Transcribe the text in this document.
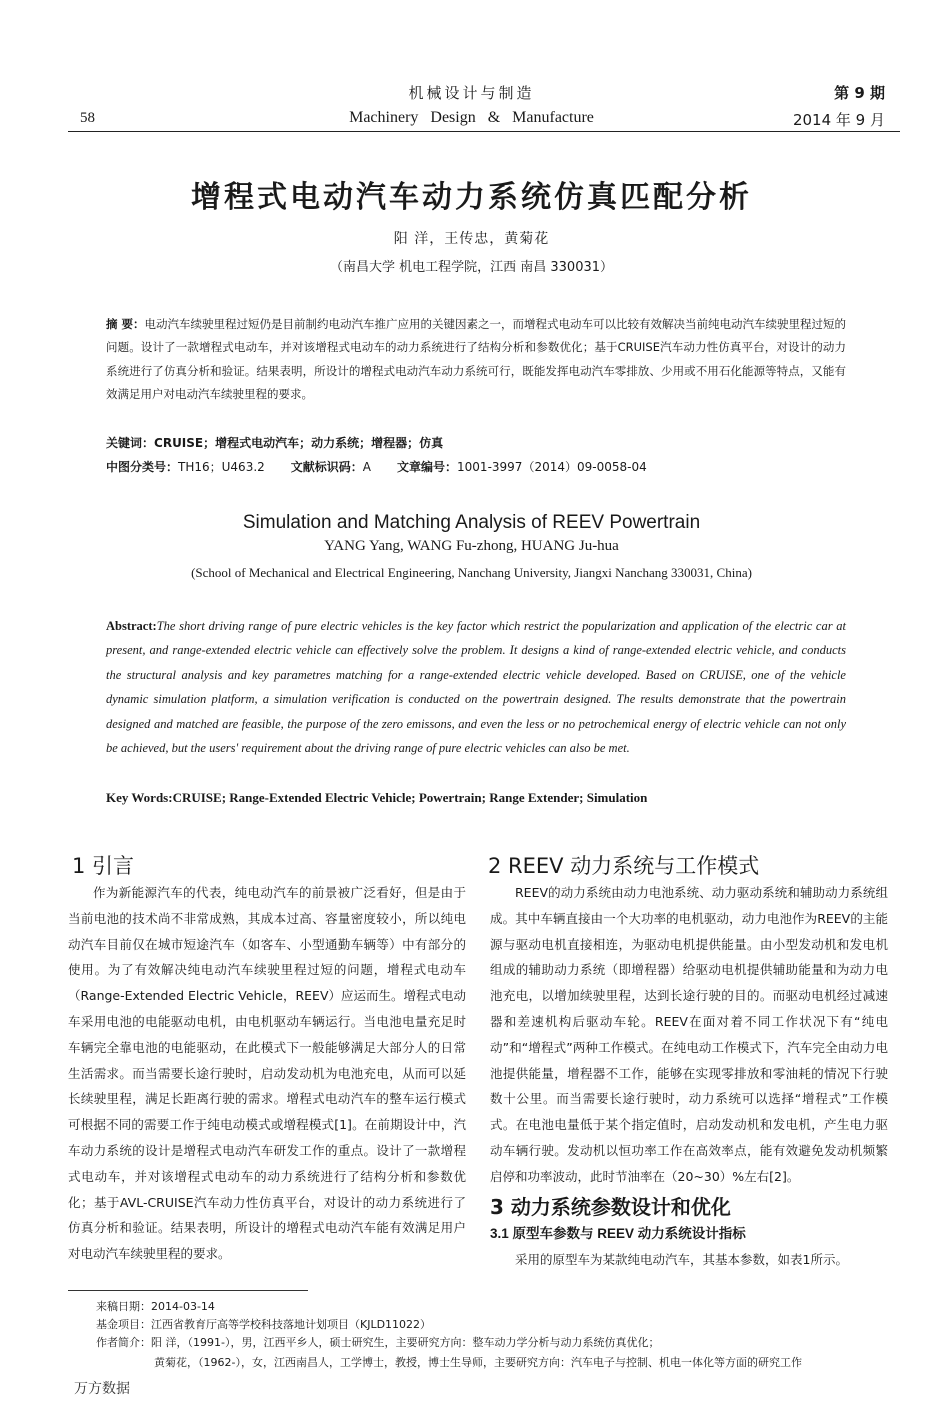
机械设计与制造	第 9 期
58	Machinery Design & Manufacture	2014 年 9 月
增程式电动汽车动力系统仿真匹配分析
阳 洋，王传忠，黄菊花
（南昌大学 机电工程学院，江西 南昌 330031）
摘 要：电动汽车续驶里程过短仍是目前制约电动汽车推广应用的关键因素之一，而增程式电动车可以比较有效解决当前纯电动汽车续驶里程过短的问题。设计了一款增程式电动车，并对该增程式电动车的动力系统进行了结构分析和参数优化；基于CRUISE汽车动力性仿真平台，对设计的动力系统进行了仿真分析和验证。结果表明，所设计的增程式电动汽车动力系统可行，既能发挥电动汽车零排放、少用或不用石化能源等特点，又能有效满足用户对电动汽车续驶里程的要求。
关键词：CRUISE；增程式电动汽车；动力系统；增程器；仿真
中图分类号：TH16；U463.2 文献标识码：A 文章编号：1001-3997（2014）09-0058-04
Simulation and Matching Analysis of REEV Powertrain
YANG Yang, WANG Fu-zhong, HUANG Ju-hua
(School of Mechanical and Electrical Engineering, Nanchang University, Jiangxi Nanchang 330031, China)
Abstract:The short driving range of pure electric vehicles is the key factor which restrict the popularization and application of the electric car at present, and range-extended electric vehicle can effectively solve the problem. It designs a kind of range-extended electric vehicle, and conducts the structural analysis and key parametres matching for a range-extended electric vehicle developed. Based on CRUISE, one of the vehicle dynamic simulation platform, a simulation verification is conducted on the powertrain designed. The results demonstrate that the powertrain designed and matched are feasible, the purpose of the zero emissons, and even the less or no petrochemical energy of electric vehicle can not only be achieved, but the users' requirement about the driving range of pure electric vehicles can also be met.
Key Words:CRUISE; Range-Extended Electric Vehicle; Powertrain; Range Extender; Simulation
1 引言	2 REEV 动力系统与工作模式

作为新能源汽车的代表，纯电动汽车的前景被广泛看好，但是由于当前电池的技术尚不非常成熟，其成本过高、容量密度较小，所以纯电动汽车目前仅在城市短途汽车（如客车、小型通勤车辆等）中有部分的使用。为了有效解决纯电动汽车续驶里程过短的问题，增程式电动车（Range-Extended Electric Vehicle，REEV）应运而生。增程式电动车采用电池的电能驱动电机，由电机驱动车辆运行。当电池电量充足时车辆完全靠电池的电能驱动，在此模式下一般能够满足大部分人的日常生活需求。而当需要长途行驶时，启动发动机为电池充电，从而可以延长续驶里程，满足长距离行驶的需求。增程式电动汽车的整车运行模式可根据不同的需要工作于纯电动模式或增程模式[1]。在前期设计中，汽车动力系统的设计是增程式电动汽车研发工作的重点。设计了一款增程式电动车，并对该增程式电动车的动力系统进行了结构分析和参数优化；基于AVL-CRUISE汽车动力性仿真平台，对设计的动力系统进行了仿真分析和验证。结果表明，所设计的增程式电动汽车能有效满足用户对电动汽车续驶里程的要求。

REEV的动力系统由动力电池系统、动力驱动系统和辅助动力系统组成。其中车辆直接由一个大功率的电机驱动，动力电池作为REEV的主能源与驱动电机直接相连，为驱动电机提供能量。由小型发动机和发电机组成的辅助动力系统（即增程器）给驱动电机提供辅助能量和为动力电池充电，以增加续驶里程，达到长途行驶的目的。而驱动电机经过减速器和差速机构后驱动车轮。REEV在面对着不同工作状况下有“纯电动”和“增程式”两种工作模式。在纯电动工作模式下，汽车完全由动力电池提供能量，增程器不工作，能够在实现零排放和零油耗的情况下行驶数十公里。而当需要长途行驶时，动力系统可以选择“增程式”工作模式。在电池电量低于某个指定值时，启动发动机和发电机，产生电力驱动车辆行驶。发动机以恒功率工作在高效率点，能有效避免发动机频繁启停和功率波动，此时节油率在（20~30）%左右[2]。

3 动力系统参数设计和优化
3.1 原型车参数与 REEV 动力系统设计指标

采用的原型车为某款纯电动汽车，其基本参数，如表1所示。

来稿日期：2014-03-14
基金项目：江西省教育厅高等学校科技落地计划项目（KJLD11022）
作者简介：阳 洋，（1991-），男，江西平乡人，硕士研究生，主要研究方向：整车动力学分析与动力系统仿真优化；
黄菊花，（1962-），女，江西南昌人，工学博士，教授，博士生导师，主要研究方向：汽车电子与控制、机电一体化等方面的研究工作
万方数据
